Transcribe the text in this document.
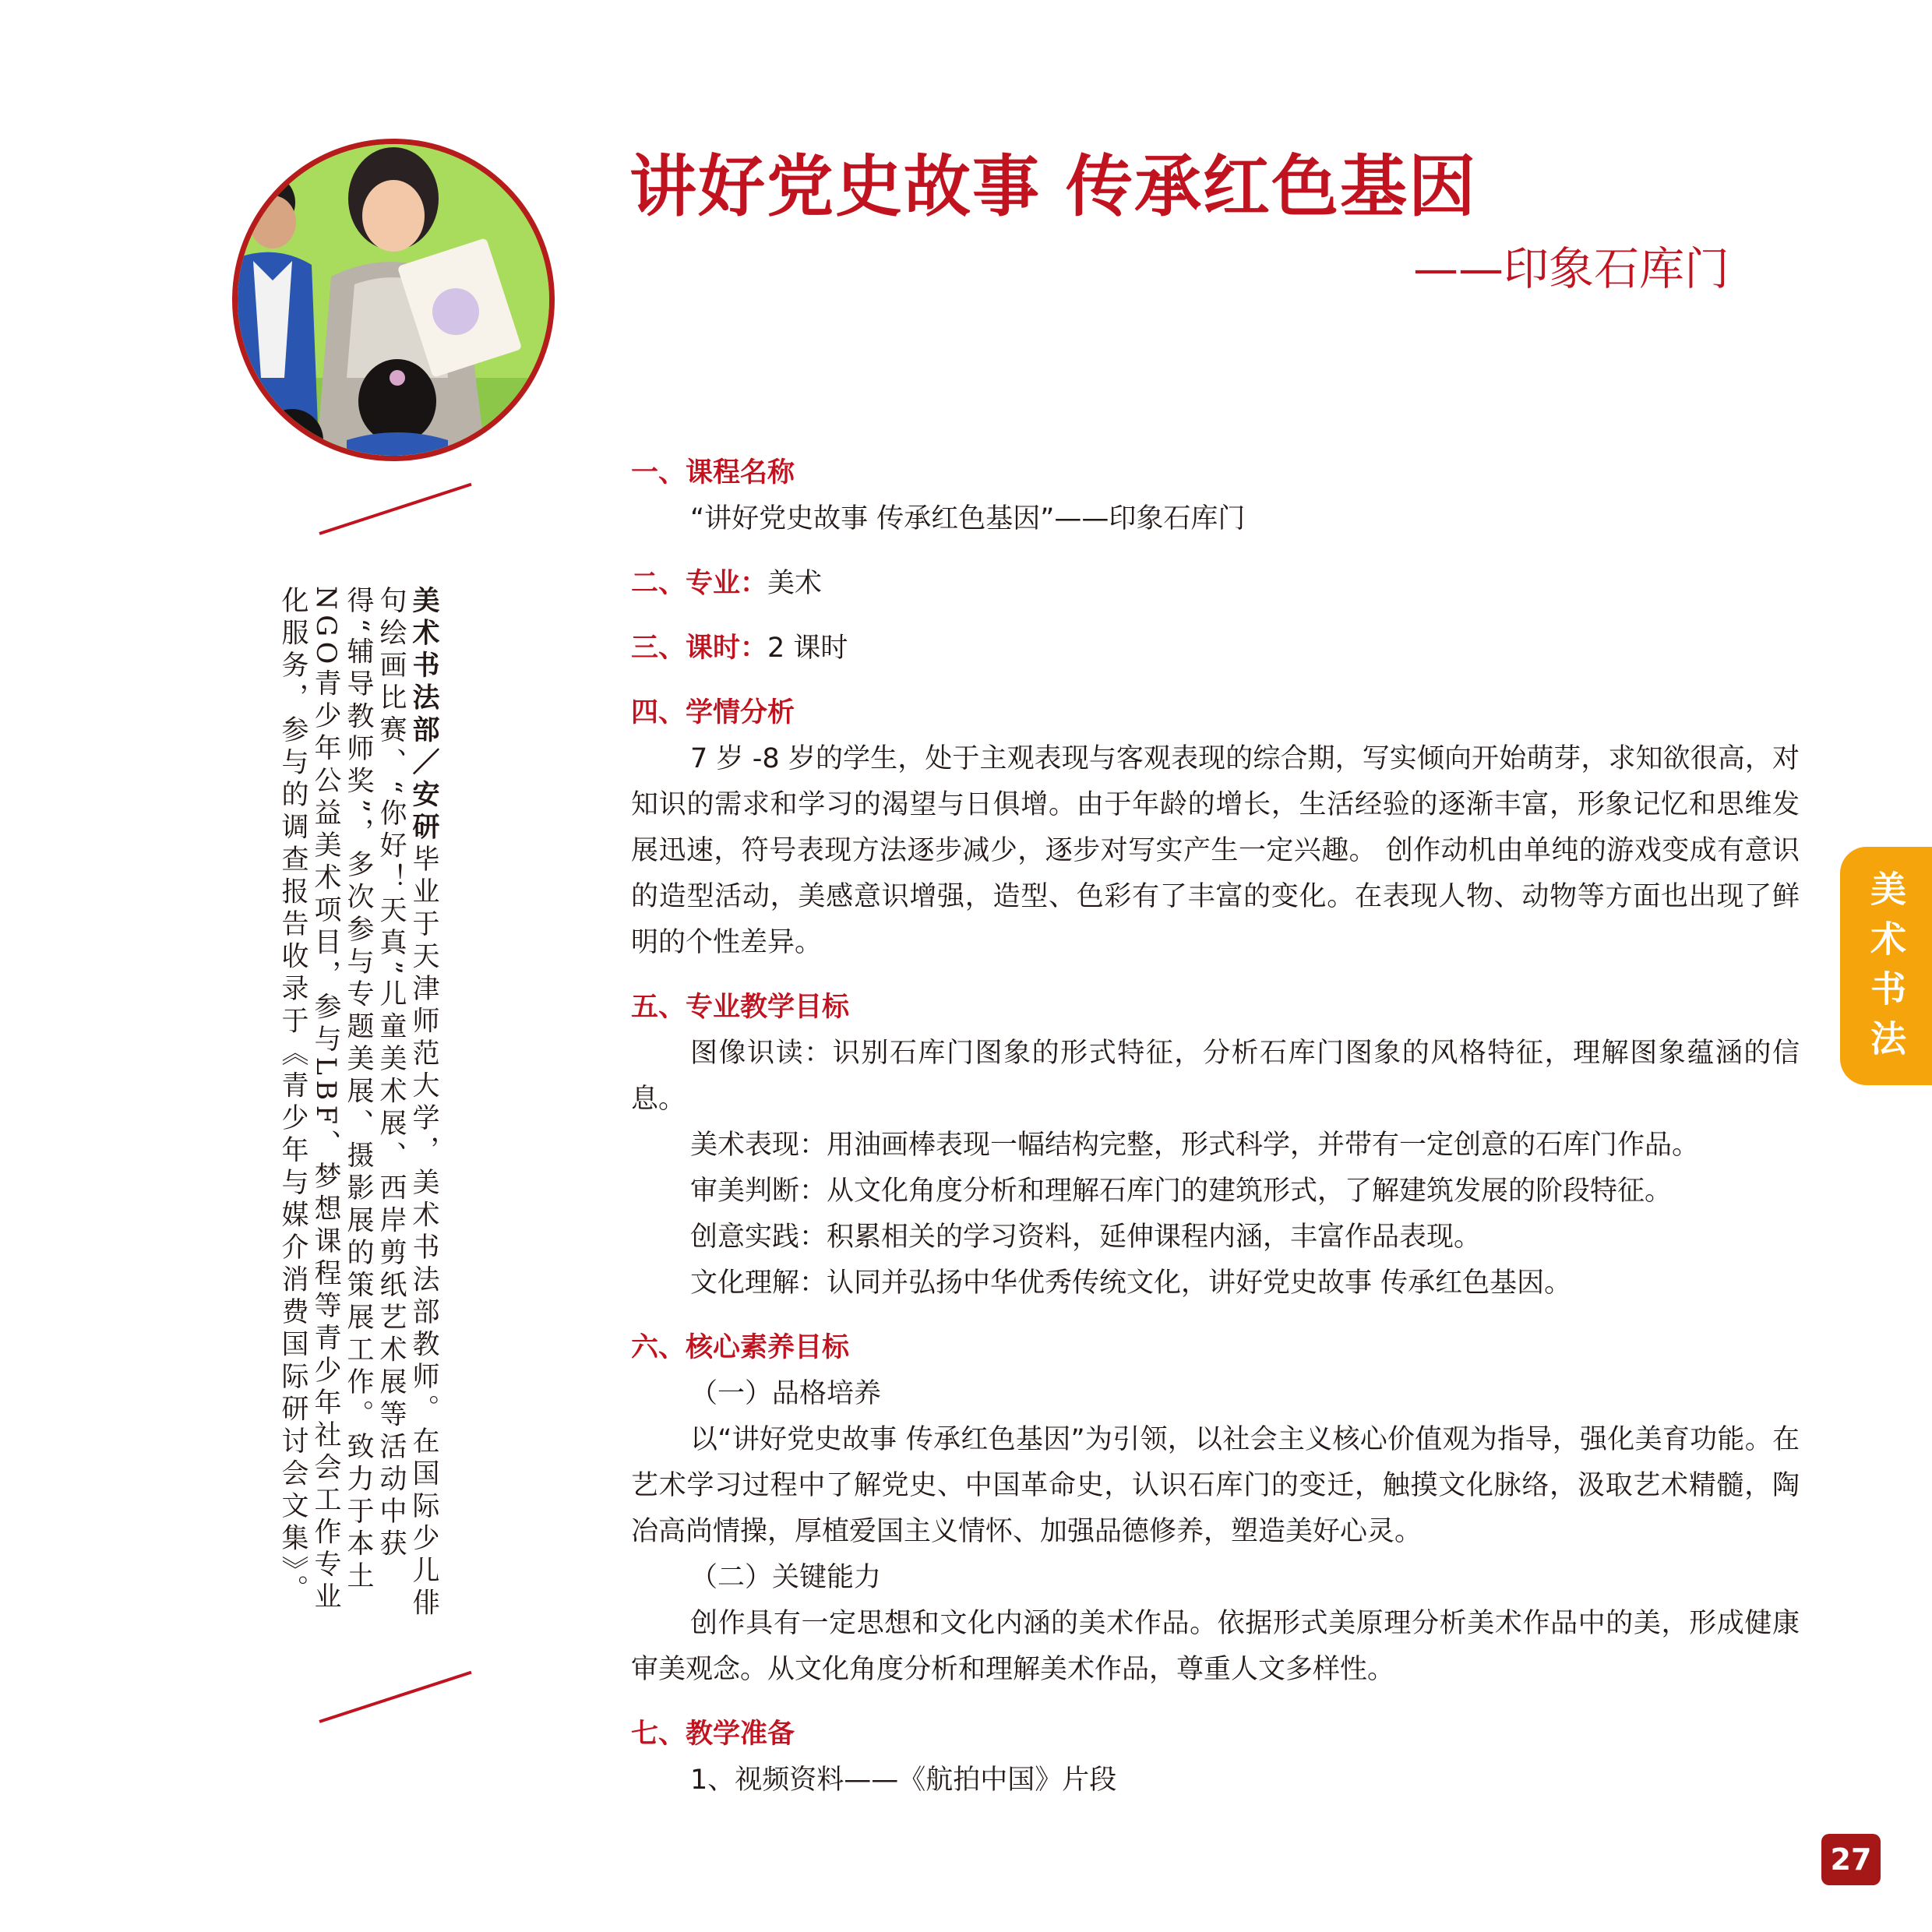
讲好党史故事 传承红色基因
——印象石库门
美术书法部／安研毕业于天津师范大学，美术书法部教师。在国际少儿俳句绘画比赛、“你好！天真”儿童美术展、西岸剪纸艺术展等活动中获得“辅导教师奖”，多次参与专题美展、摄影展的策展工作。致力于本土NGO青少年公益美术项目，参与LBF、梦想课程等青少年社会工作专业化服务，参与的调查报告收录于《青少年与媒介消费国际研讨会文集》。	美术书法

一、课程名称

“讲好党史故事 传承红色基因”——印象石库门

二、专业：美术

三、课时：2 课时

四、学情分析

7 岁 -8 岁的学生，处于主观表现与客观表现的综合期，写实倾向开始萌芽，求知欲很高，对知识的需求和学习的渴望与日俱增。由于年龄的增长，生活经验的逐渐丰富，形象记忆和思维发展迅速，符号表现方法逐步减少，逐步对写实产生一定兴趣。 创作动机由单纯的游戏变成有意识的造型活动，美感意识增强，造型、色彩有了丰富的变化。在表现人物、动物等方面也出现了鲜明的个性差异。

五、专业教学目标

图像识读：识别石库门图象的形式特征，分析石库门图象的风格特征，理解图象蕴涵的信息。

美术表现：用油画棒表现一幅结构完整，形式科学，并带有一定创意的石库门作品。

审美判断：从文化角度分析和理解石库门的建筑形式，了解建筑发展的阶段特征。

创意实践：积累相关的学习资料，延伸课程内涵，丰富作品表现。

文化理解：认同并弘扬中华优秀传统文化，讲好党史故事 传承红色基因。

六、核心素养目标

（一）品格培养

以“讲好党史故事 传承红色基因”为引领，以社会主义核心价值观为指导，强化美育功能。在艺术学习过程中了解党史、中国革命史，认识石库门的变迁，触摸文化脉络，汲取艺术精髓，陶冶高尚情操，厚植爱国主义情怀、加强品德修养，塑造美好心灵。

（二）关键能力

创作具有一定思想和文化内涵的美术作品。依据形式美原理分析美术作品中的美，形成健康审美观念。从文化角度分析和理解美术作品，尊重人文多样性。

七、教学准备

1、视频资料——《航拍中国》片段

27
